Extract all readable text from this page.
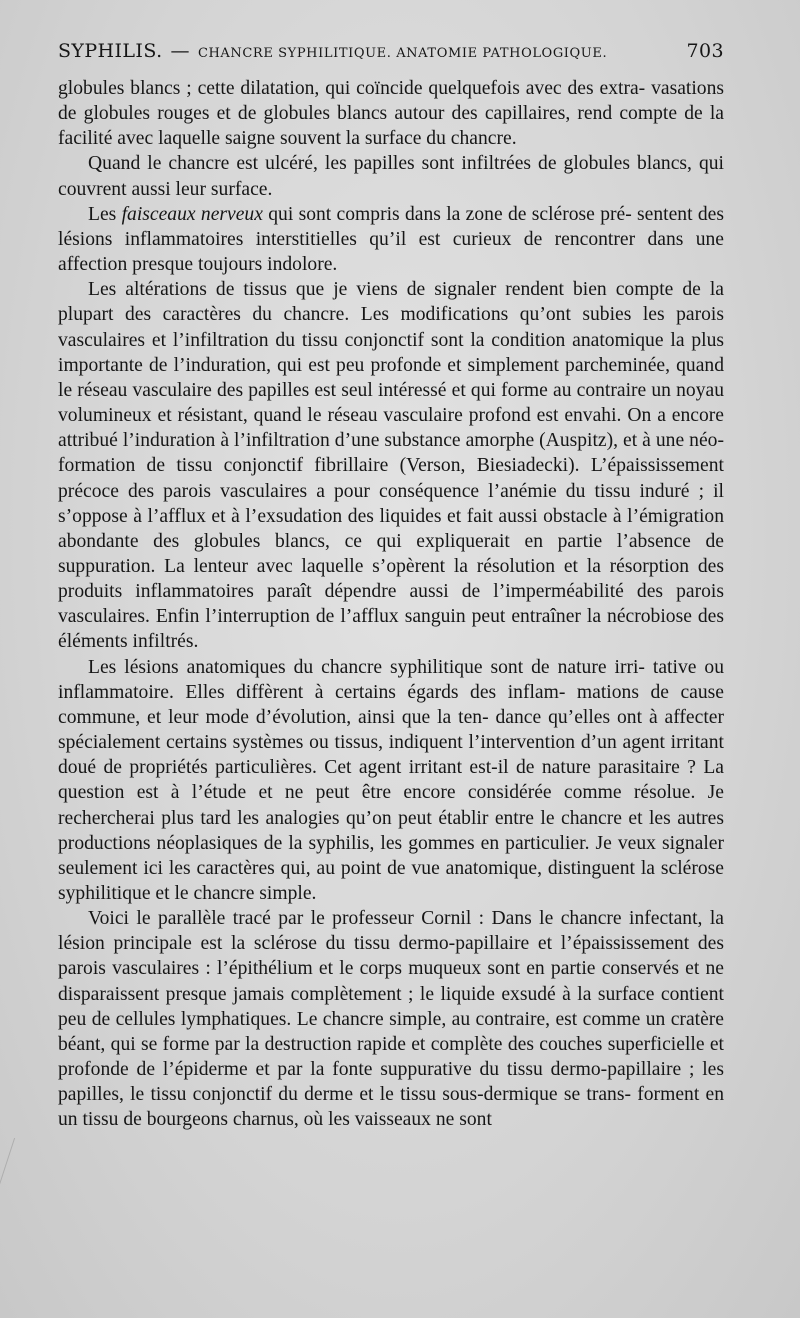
SYPHILIS. — CHANCRE SYPHILITIQUE. ANATOMIE PATHOLOGIQUE.	703

globules blancs ; cette dilatation, qui coïncide quelquefois avec des extra- vasations de globules rouges et de globules blancs autour des capillaires, rend compte de la facilité avec laquelle saigne souvent la surface du chancre.

Quand le chancre est ulcéré, les papilles sont infiltrées de globules blancs, qui couvrent aussi leur surface.

Les faisceaux nerveux qui sont compris dans la zone de sclérose pré- sentent des lésions inflammatoires interstitielles qu’il est curieux de rencontrer dans une affection presque toujours indolore.

Les altérations de tissus que je viens de signaler rendent bien compte de la plupart des caractères du chancre. Les modifications qu’ont subies les parois vasculaires et l’infiltration du tissu conjonctif sont la condition anatomique la plus importante de l’induration, qui est peu profonde et simplement parcheminée, quand le réseau vasculaire des papilles est seul intéressé et qui forme au contraire un noyau volumineux et résistant, quand le réseau vasculaire profond est envahi. On a encore attribué l’induration à l’infiltration d’une substance amorphe (Auspitz), et à une néo-formation de tissu conjonctif fibrillaire (Verson, Biesiadecki). L’épaississement précoce des parois vasculaires a pour conséquence l’anémie du tissu induré ; il s’oppose à l’afflux et à l’exsudation des liquides et fait aussi obstacle à l’émigration abondante des globules blancs, ce qui expliquerait en partie l’absence de suppuration. La lenteur avec laquelle s’opèrent la résolution et la résorption des produits inflammatoires paraît dépendre aussi de l’imperméabilité des parois vasculaires. Enfin l’interruption de l’afflux sanguin peut entraîner la nécrobiose des éléments infiltrés.

Les lésions anatomiques du chancre syphilitique sont de nature irri- tative ou inflammatoire. Elles diffèrent à certains égards des inflam- mations de cause commune, et leur mode d’évolution, ainsi que la ten- dance qu’elles ont à affecter spécialement certains systèmes ou tissus, indiquent l’intervention d’un agent irritant doué de propriétés particulières. Cet agent irritant est-il de nature parasitaire ? La question est à l’étude et ne peut être encore considérée comme résolue. Je rechercherai plus tard les analogies qu’on peut établir entre le chancre et les autres productions néoplasiques de la syphilis, les gommes en particulier. Je veux signaler seulement ici les caractères qui, au point de vue anatomique, distinguent la sclérose syphilitique et le chancre simple.

Voici le parallèle tracé par le professeur Cornil : Dans le chancre infectant, la lésion principale est la sclérose du tissu dermo-papillaire et l’épaississement des parois vasculaires : l’épithélium et le corps muqueux sont en partie conservés et ne disparaissent presque jamais complètement ; le liquide exsudé à la surface contient peu de cellules lymphatiques. Le chancre simple, au contraire, est comme un cratère béant, qui se forme par la destruction rapide et complète des couches superficielle et profonde de l’épiderme et par la fonte suppurative du tissu dermo-papillaire ; les papilles, le tissu conjonctif du derme et le tissu sous-dermique se trans- forment en un tissu de bourgeons charnus, où les vaisseaux ne sont
